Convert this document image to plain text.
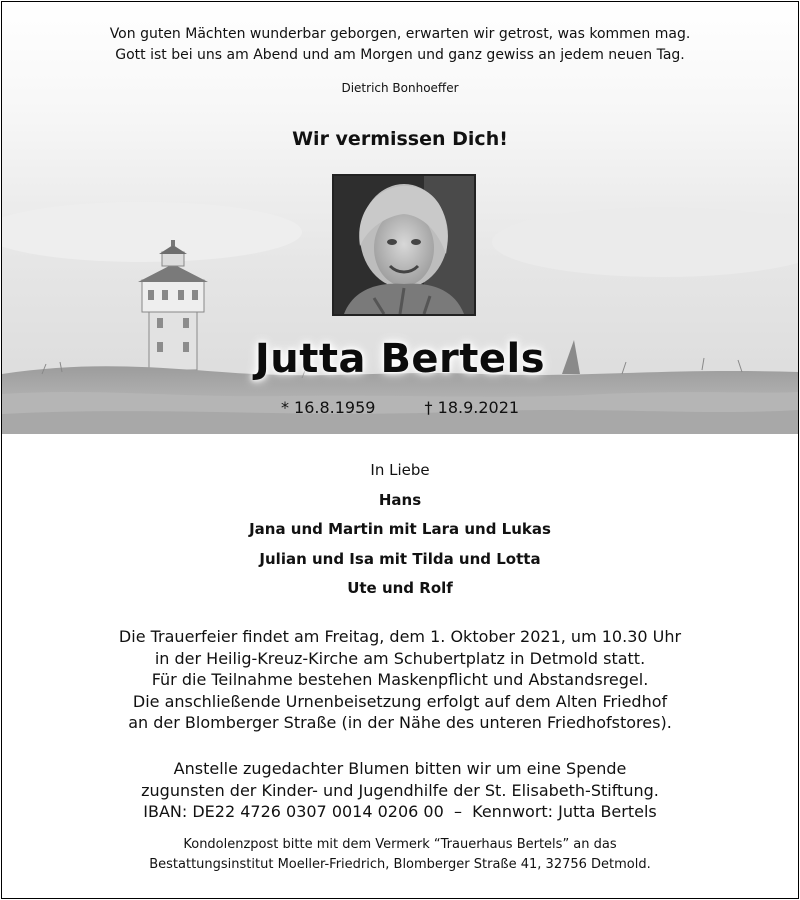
Von guten Mächten wunderbar geborgen, erwarten wir getrost, was kommen mag.
Gott ist bei uns am Abend und am Morgen und ganz gewiss an jedem neuen Tag.
Dietrich Bonhoeffer
Wir vermissen Dich!
Jutta Bertels
* 16.8.1959	† 18.9.2021
In Liebe
Hans
Jana und Martin mit Lara und Lukas
Julian und Isa mit Tilda und Lotta
Ute und Rolf
Die Trauerfeier findet am Freitag, dem 1. Oktober 2021, um 10.30 Uhr
in der Heilig-Kreuz-Kirche am Schubertplatz in Detmold statt.
Für die Teilnahme bestehen Maskenpflicht und Abstandsregel.
Die anschließende Urnenbeisetzung erfolgt auf dem Alten Friedhof
an der Blomberger Straße (in der Nähe des unteren Friedhofstores).
Anstelle zugedachter Blumen bitten wir um eine Spende
zugunsten der Kinder- und Jugendhilfe der St. Elisabeth-Stiftung.
IBAN: DE22 4726 0307 0014 0206 00  –  Kennwort: Jutta Bertels
Kondolenzpost bitte mit dem Vermerk “Trauerhaus Bertels” an das
Bestattungsinstitut Moeller-Friedrich, Blomberger Straße 41, 32756 Detmold.
